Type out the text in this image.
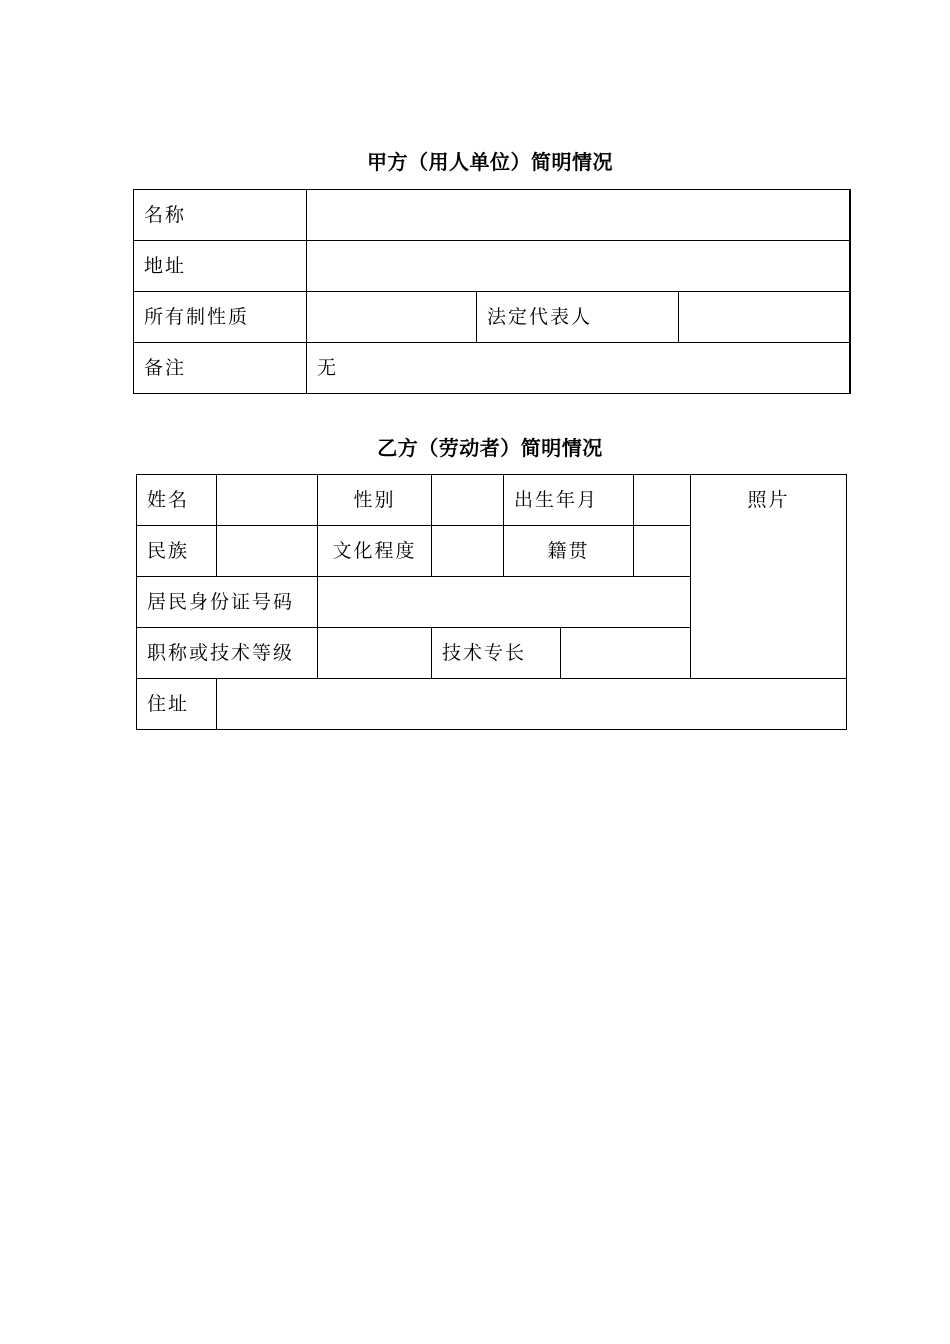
甲方（用人单位）简明情况
名称			
地址			
所有制性质		法定代表人	
备注	无		
乙方（劳动者）简明情况
姓名		性别		出生年月			照片
民族		文化程度		籍贯			
居民身份证号码							
职称或技术等级			技术专长				
住址							
